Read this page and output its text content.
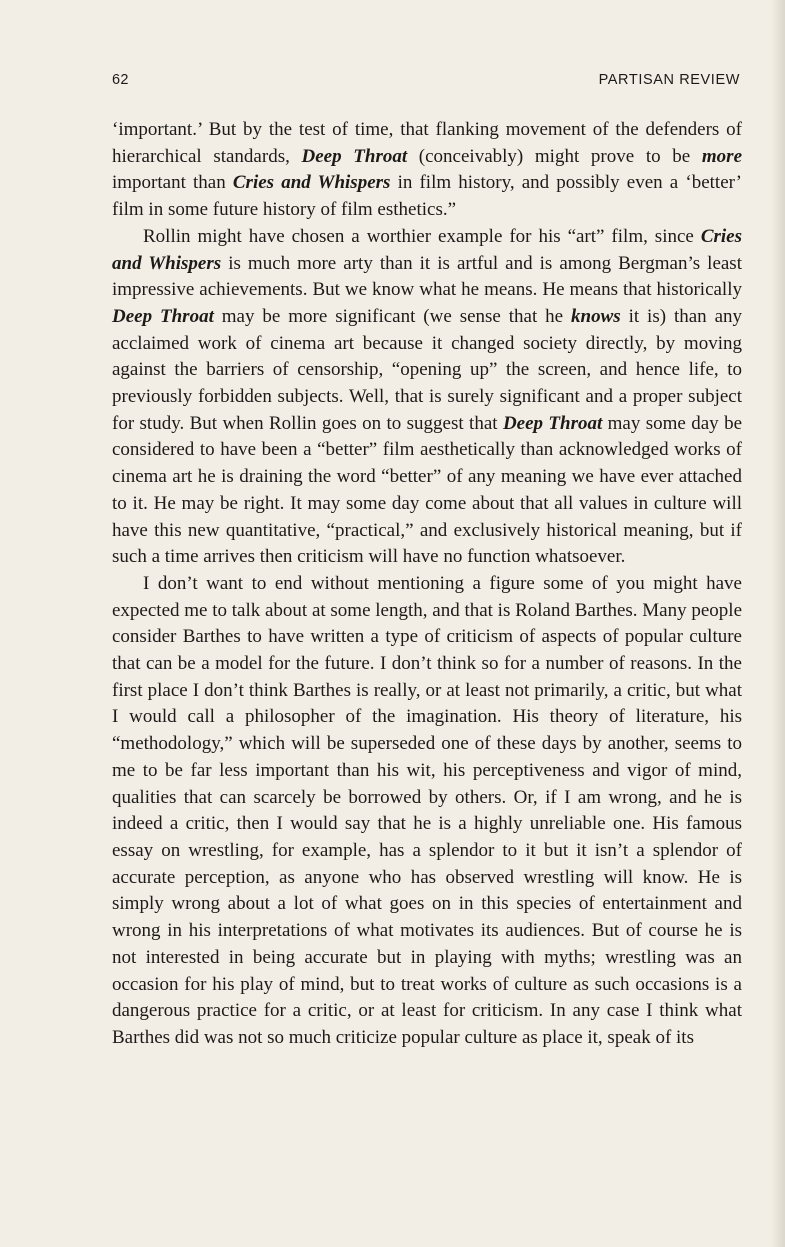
62	PARTISAN REVIEW

‘important.’ But by the test of time, that flanking movement of the defenders of hierarchical standards, Deep Throat (conceivably) might prove to be more important than Cries and Whispers in film history, and possibly even a ‘better’ film in some future history of film esthetics.”

Rollin might have chosen a worthier example for his “art” film, since Cries and Whispers is much more arty than it is artful and is among Bergman’s least impressive achievements. But we know what he means. He means that historically Deep Throat may be more significant (we sense that he knows it is) than any acclaimed work of cinema art because it changed society directly, by moving against the barriers of censorship, “opening up” the screen, and hence life, to previously forbidden subjects. Well, that is surely significant and a proper subject for study. But when Rollin goes on to suggest that Deep Throat may some day be considered to have been a “better” film aesthetically than acknowledged works of cinema art he is draining the word “better” of any meaning we have ever attached to it. He may be right. It may some day come about that all values in culture will have this new quantitative, “practical,” and exclusively historical meaning, but if such a time arrives then criticism will have no function whatsoever.

I don’t want to end without mentioning a figure some of you might have expected me to talk about at some length, and that is Roland Barthes. Many people consider Barthes to have written a type of criticism of aspects of popular culture that can be a model for the future. I don’t think so for a number of reasons. In the first place I don’t think Barthes is really, or at least not primarily, a critic, but what I would call a philosopher of the imagination. His theory of literature, his “methodology,” which will be superseded one of these days by another, seems to me to be far less important than his wit, his perceptiveness and vigor of mind, qualities that can scarcely be borrowed by others. Or, if I am wrong, and he is indeed a critic, then I would say that he is a highly unreliable one. His famous essay on wrestling, for example, has a splendor to it but it isn’t a splendor of accurate perception, as anyone who has observed wrestling will know. He is simply wrong about a lot of what goes on in this species of entertainment and wrong in his interpretations of what motivates its audiences. But of course he is not interested in being accurate but in playing with myths; wrestling was an occasion for his play of mind, but to treat works of culture as such occasions is a dangerous practice for a critic, or at least for criticism. In any case I think what Barthes did was not so much criticize popular culture as place it, speak of its
